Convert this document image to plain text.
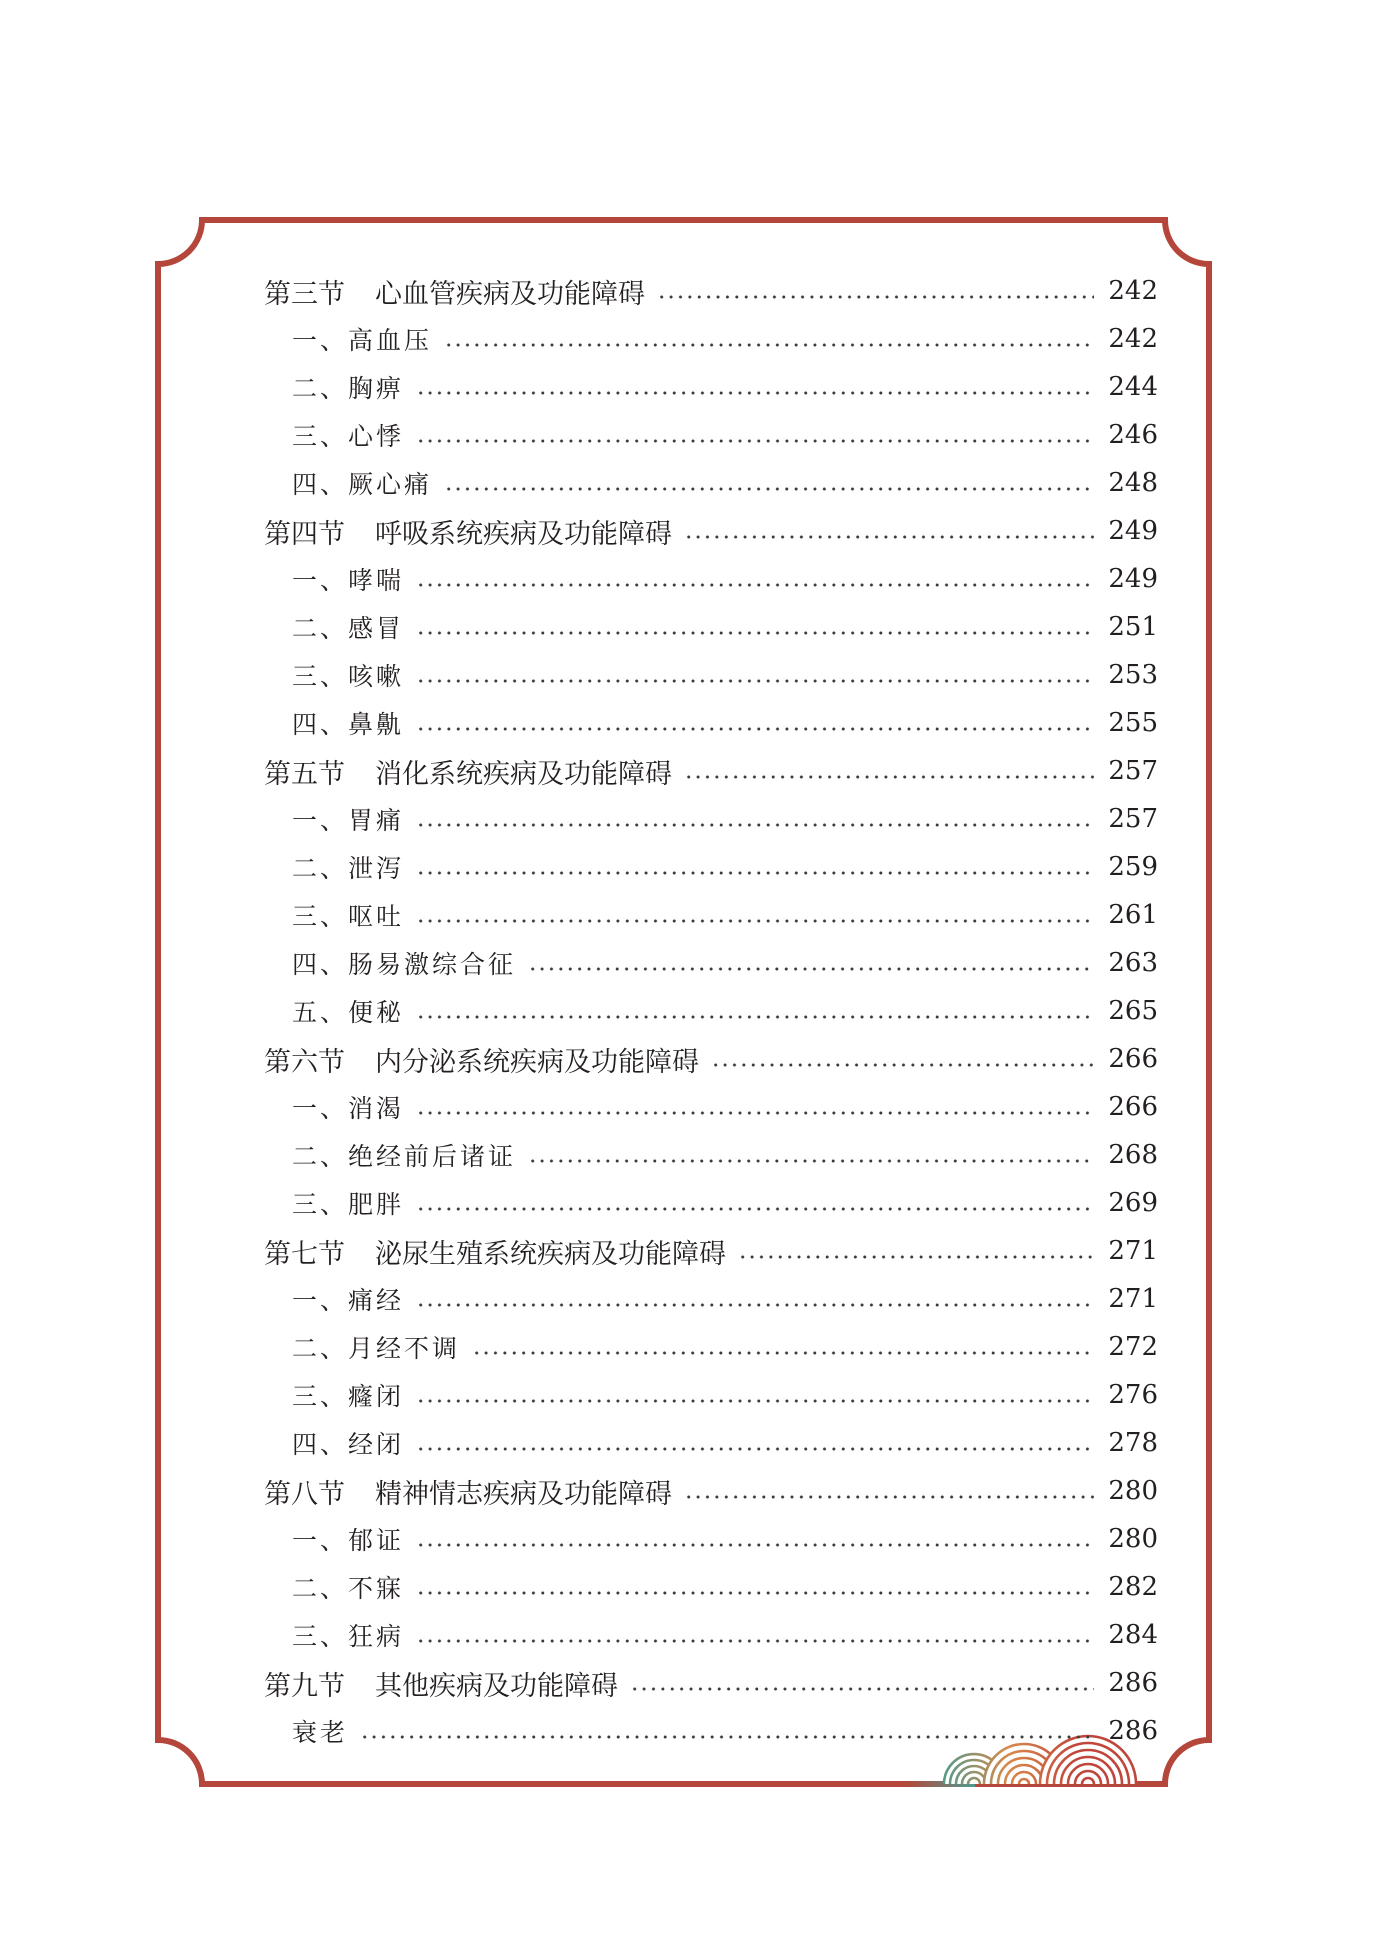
第三节 心血管疾病及功能障碍	242
一、高血压	242
二、胸痹	244
三、心悸	246
四、厥心痛	248
第四节 呼吸系统疾病及功能障碍	249
一、哮喘	249
二、感冒	251
三、咳嗽	253
四、鼻鼽	255
第五节 消化系统疾病及功能障碍	257
一、胃痛	257
二、泄泻	259
三、呕吐	261
四、肠易激综合征	263
五、便秘	265
第六节 内分泌系统疾病及功能障碍	266
一、消渴	266
二、绝经前后诸证	268
三、肥胖	269
第七节 泌尿生殖系统疾病及功能障碍	271
一、痛经	271
二、月经不调	272
三、癃闭	276
四、经闭	278
第八节 精神情志疾病及功能障碍	280
一、郁证	280
二、不寐	282
三、狂病	284
第九节 其他疾病及功能障碍	286
衰老	286
